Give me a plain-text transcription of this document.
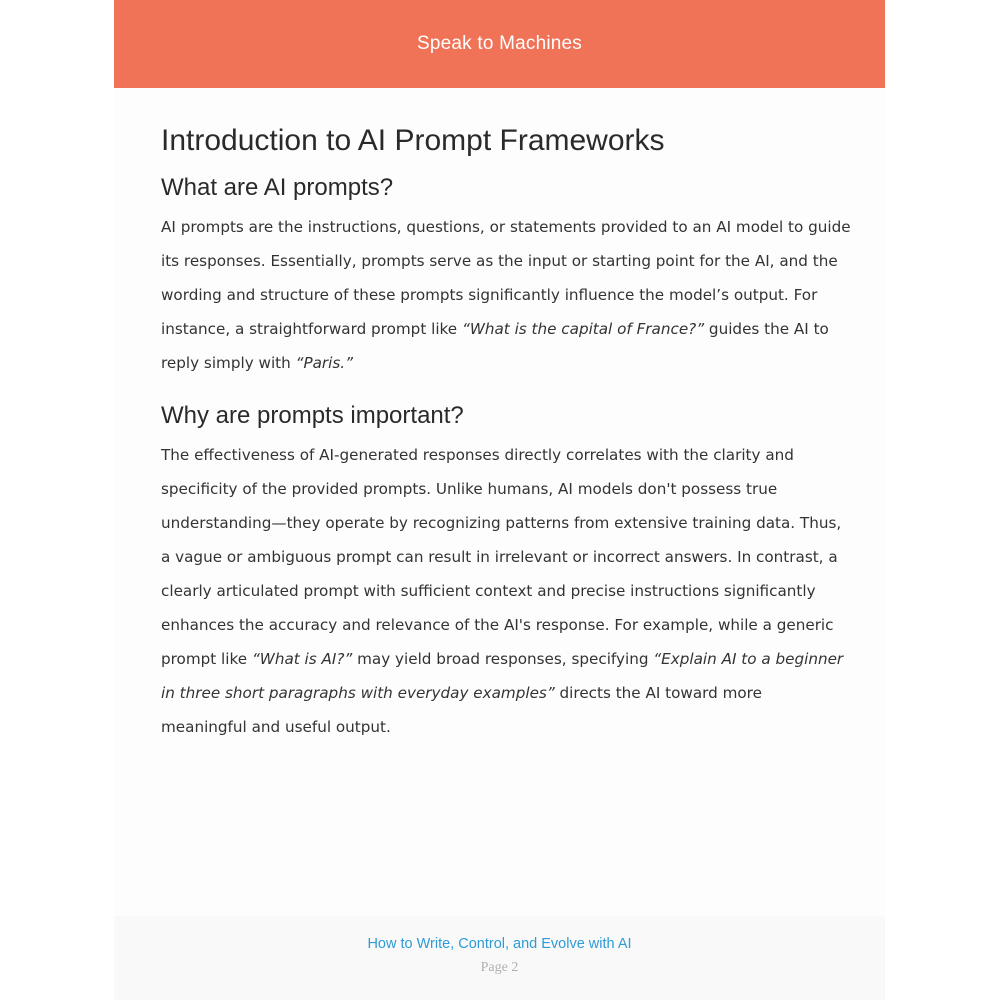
Speak to Machines
Introduction to AI Prompt Frameworks
What are AI prompts?

AI prompts are the instructions, questions, or statements provided to an AI model to guide its responses. Essentially, prompts serve as the input or starting point for the AI, and the wording and structure of these prompts significantly influence the model’s output. For instance, a straightforward prompt like “What is the capital of France?” guides the AI to reply simply with “Paris.”

Why are prompts important?

The effectiveness of AI-generated responses directly correlates with the clarity and specificity of the provided prompts. Unlike humans, AI models don't possess true understanding—they operate by recognizing patterns from extensive training data. Thus, a vague or ambiguous prompt can result in irrelevant or incorrect answers. In contrast, a clearly articulated prompt with sufficient context and precise instructions significantly enhances the accuracy and relevance of the AI's response. For example, while a generic prompt like “What is AI?” may yield broad responses, specifying “Explain AI to a beginner in three short paragraphs with everyday examples” directs the AI toward more meaningful and useful output.

How to Write, Control, and Evolve with AI
Page 2
